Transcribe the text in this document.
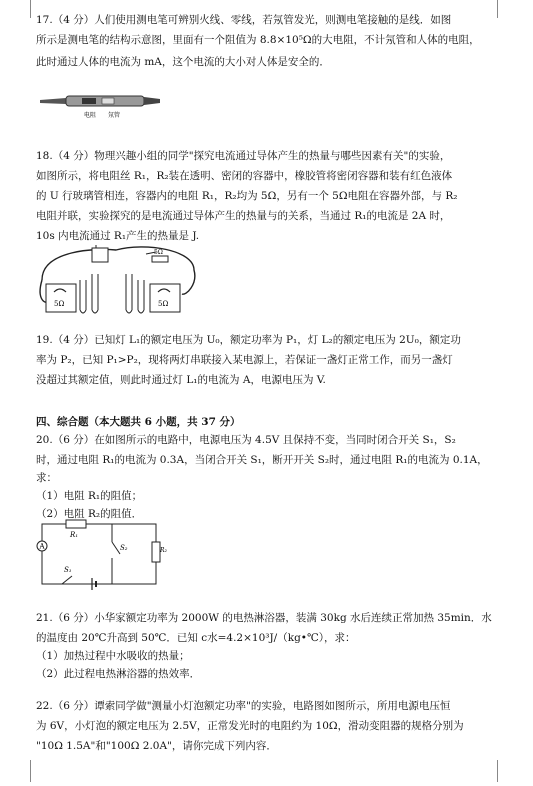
17.（4 分）人们使用测电笔可辨别火线、零线，若氖管发光，则测电笔接触的是线．如图
所示是测电笔的结构示意图，里面有一个阻值为 8.8×10⁵Ω的大电阻，不计氖管和人体的电阻，
此时通过人体的电流为 mA，这个电流的大小对人体是安全的．
电阻 氖管
18.（4 分）物理兴趣小组的同学"探究电流通过导体产生的热量与哪些因素有关"的实验，
如图所示，将电阻丝 R₁，R₂装在透明、密闭的容器中，橡胶管将密闭容器和装有红色液体
的 U 行玻璃管相连，容器内的电阻 R₁，R₂均为 5Ω，另有一个 5Ω电阻在容器外部，与 R₂
电阻并联，实验探究的是电流通过导体产生的热量与的关系，当通过 R₁的电流是 2A 时，
10s 内电流通过 R₁产生的热量是 J.
5Ω
5Ω	5Ω
19.（4 分）已知灯 L₁的额定电压为 U₀，额定功率为 P₁，灯 L₂的额定电压为 2U₀，额定功
率为 P₂，已知 P₁>P₂，现将两灯串联接入某电源上，若保证一盏灯正常工作，而另一盏灯
没超过其额定值，则此时通过灯 L₁的电流为 A，电源电压为 V.
四、综合题（本大题共 6 小题，共 37 分）
20.（6 分）在如图所示的电路中，电源电压为 4.5V 且保持不变，当同时闭合开关 S₁，S₂
时，通过电阻 R₁的电流为 0.3A，当闭合开关 S₁，断开开关 S₂时，通过电阻 R₁的电流为 0.1A，
求：
（1）电阻 R₁的阻值；
（2）电阻 R₂的阻值．
R₁
A	S₂	R₂
S₁
21.（6 分）小华家额定功率为 2000W 的电热淋浴器，装满 30kg 水后连续正常加热 35min．水
的温度由 20℃升高到 50℃．已知 c水=4.2×10³J/（kg•℃），求：
（1）加热过程中水吸收的热量；
（2）此过程电热淋浴器的热效率．
22.（6 分）谭索同学做"测量小灯泡额定功率"的实验，电路图如图所示，所用电源电压恒
为 6V，小灯泡的额定电压为 2.5V，正常发光时的电阻约为 10Ω，滑动变阻器的规格分别为
"10Ω 1.5A"和"100Ω 2.0A"，请你完成下列内容．
